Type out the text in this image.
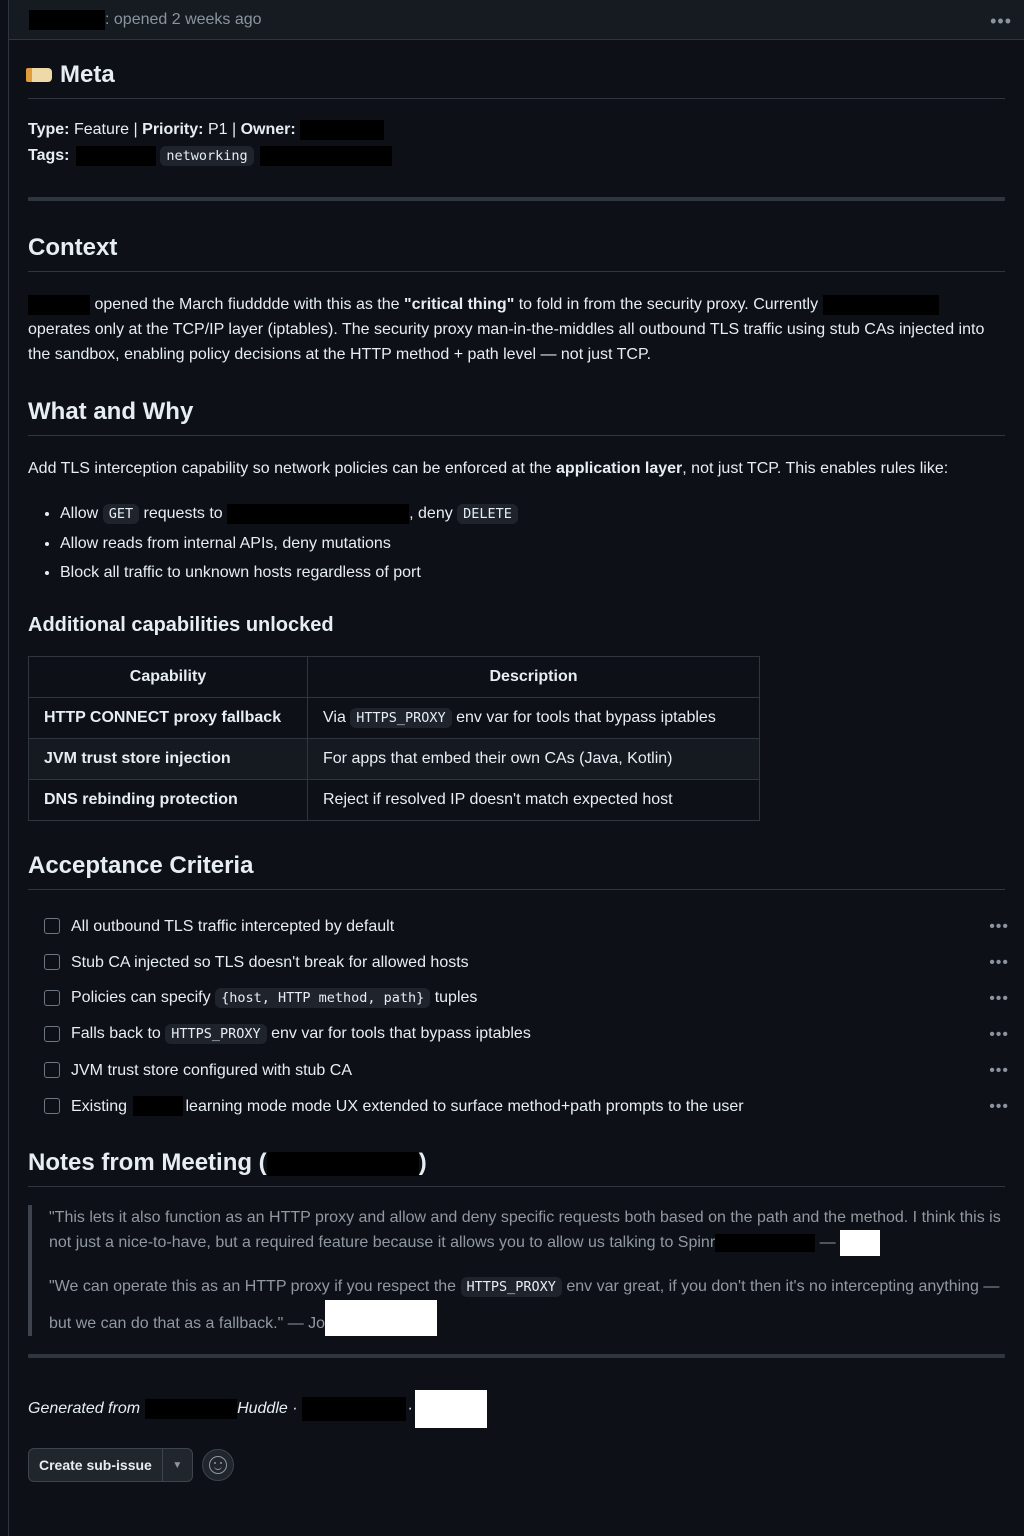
: opened 2 weeks ago	•••
Meta
Type: Feature | Priority: P1 | Owner:
Tags:	networking
Context

opened the March fiudddde with this as the "critical thing" to fold in from the security proxy. Currently  operates only at the TCP/IP layer (iptables). The security proxy man-in-the-middles all outbound TLS traffic using stub CAs injected into the sandbox, enabling policy decisions at the HTTP method + path level — not just TCP.

What and Why

Add TLS interception capability so network policies can be enforced at the application layer, not just TCP. This enables rules like:

• Allow GET requests to	, deny DELETE
• Allow reads from internal APIs, deny mutations
• Block all traffic to unknown hosts regardless of port
Additional capabilities unlocked
Capability	Description
HTTP CONNECT proxy fallback	Via HTTPS_PROXY env var for tools that bypass iptables
JVM trust store injection	For apps that embed their own CAs (Java, Kotlin)
DNS rebinding protection	Reject if resolved IP doesn't match expected host
Acceptance Criteria
All outbound TLS traffic intercepted by default	•••
Stub CA injected so TLS doesn't break for allowed hosts	•••
Policies can specify {host, HTTP method, path} tuples	•••
Falls back to HTTPS_PROXY env var for tools that bypass iptables	•••
JVM trust store configured with stub CA	•••
Existing	learning mode mode UX extended to surface method+path prompts to the user	•••
Notes from Meeting (	)

"This lets it also function as an HTTP proxy and allow and deny specific requests both based on the path and the method. I think this is not just a nice-to-have, but a required feature because it allows you to allow us talking to Spinr	—

"We can operate this as an HTTP proxy if you respect the HTTPS_PROXY env var great, if you don't then it's no intercepting anything — but we can do that as a fallback." — Jo

Generated from	Huddle ·	·
Create sub-issue	▼
